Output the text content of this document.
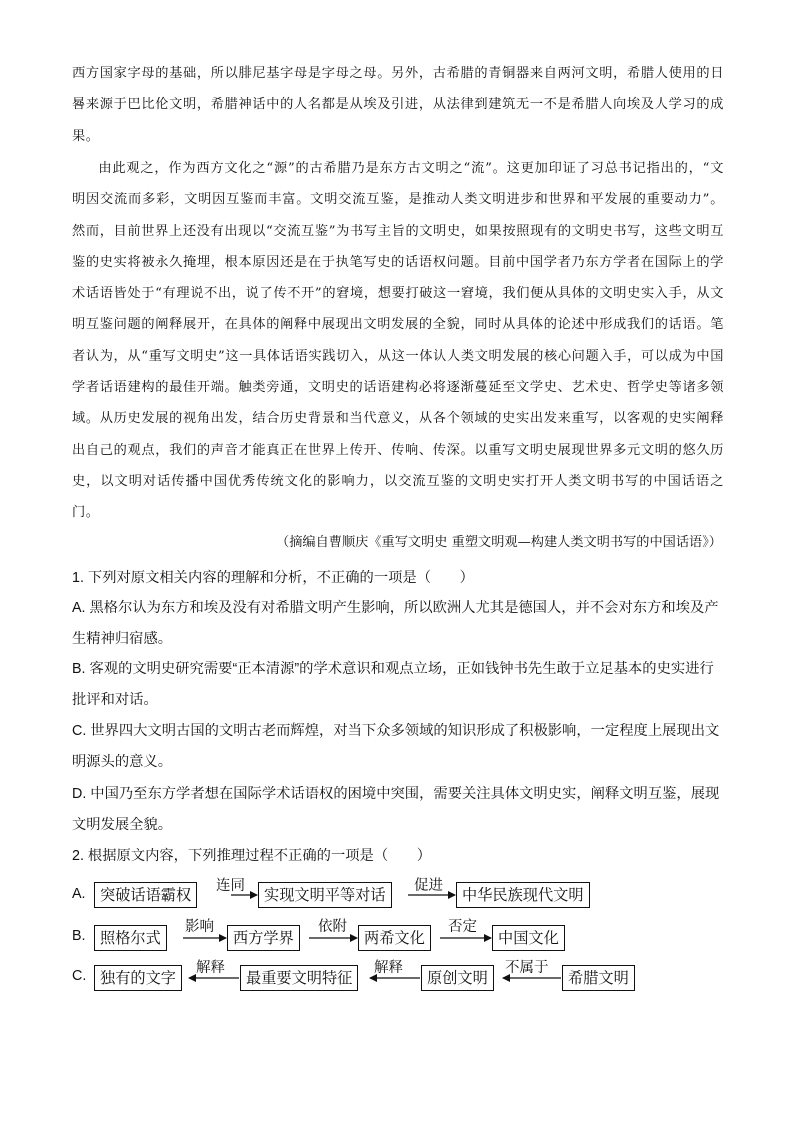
西方国家字母的基础，所以腓尼基字母是字母之母。另外，古希腊的青铜器来自两河文明，希腊人使用的日晷来源于巴比伦文明，希腊神话中的人名都是从埃及引进，从法律到建筑无一不是希腊人向埃及人学习的成果。

由此观之，作为西方文化之“源”的古希腊乃是东方古文明之“流”。这更加印证了习总书记指出的，“文明因交流而多彩，文明因互鉴而丰富。文明交流互鉴，是推动人类文明进步和世界和平发展的重要动力”。然而，目前世界上还没有出现以“交流互鉴”为书写主旨的文明史，如果按照现有的文明史书写，这些文明互鉴的史实将被永久掩埋，根本原因还是在于执笔写史的话语权问题。目前中国学者乃东方学者在国际上的学术话语皆处于“有理说不出，说了传不开”的窘境，想要打破这一窘境，我们便从具体的文明史实入手，从文明互鉴问题的阐释展开，在具体的阐释中展现出文明发展的全貌，同时从具体的论述中形成我们的话语。笔者认为，从“重写文明史”这一具体话语实践切入，从这一体认人类文明发展的核心问题入手，可以成为中国学者话语建构的最佳开端。触类旁通，文明史的话语建构必将逐渐蔓延至文学史、艺术史、哲学史等诸多领域。从历史发展的视角出发，结合历史背景和当代意义，从各个领域的史实出发来重写，以客观的史实阐释出自己的观点，我们的声音才能真正在世界上传开、传响、传深。以重写文明史展现世界多元文明的悠久历史，以文明对话传播中国优秀传统文化的影响力，以交流互鉴的文明史实打开人类文明书写的中国话语之门。

（摘编自曹顺庆《重写文明史 重塑文明观—构建人类文明书写的中国话语》）

1. 下列对原文相关内容的理解和分析，不正确的一项是（　　）

A. 黑格尔认为东方和埃及没有对希腊文明产生影响，所以欧洲人尤其是德国人，并不会对东方和埃及产生精神归宿感。

B. 客观的文明史研究需要“正本清源”的学术意识和观点立场，正如钱钟书先生敢于立足基本的史实进行批评和对话。

C. 世界四大文明古国的文明古老而辉煌，对当下众多领域的知识形成了积极影响，一定程度上展现出文明源头的意义。

D. 中国乃至东方学者想在国际学术话语权的困境中突围，需要关注具体文明史实，阐释文明互鉴，展现文明发展全貌。

2. 根据原文内容，下列推理过程不正确的一项是（　　）

A. 突破话语霸权	实现文明平等对话	中华民族现代文明
连同	促进
B. 照格尔式	西方学界	两希文化	中国文化
影响	依附	否定
C. 独有的文字	最重要文明特征	原创文明	希腊文明
解释	解释	不属于
